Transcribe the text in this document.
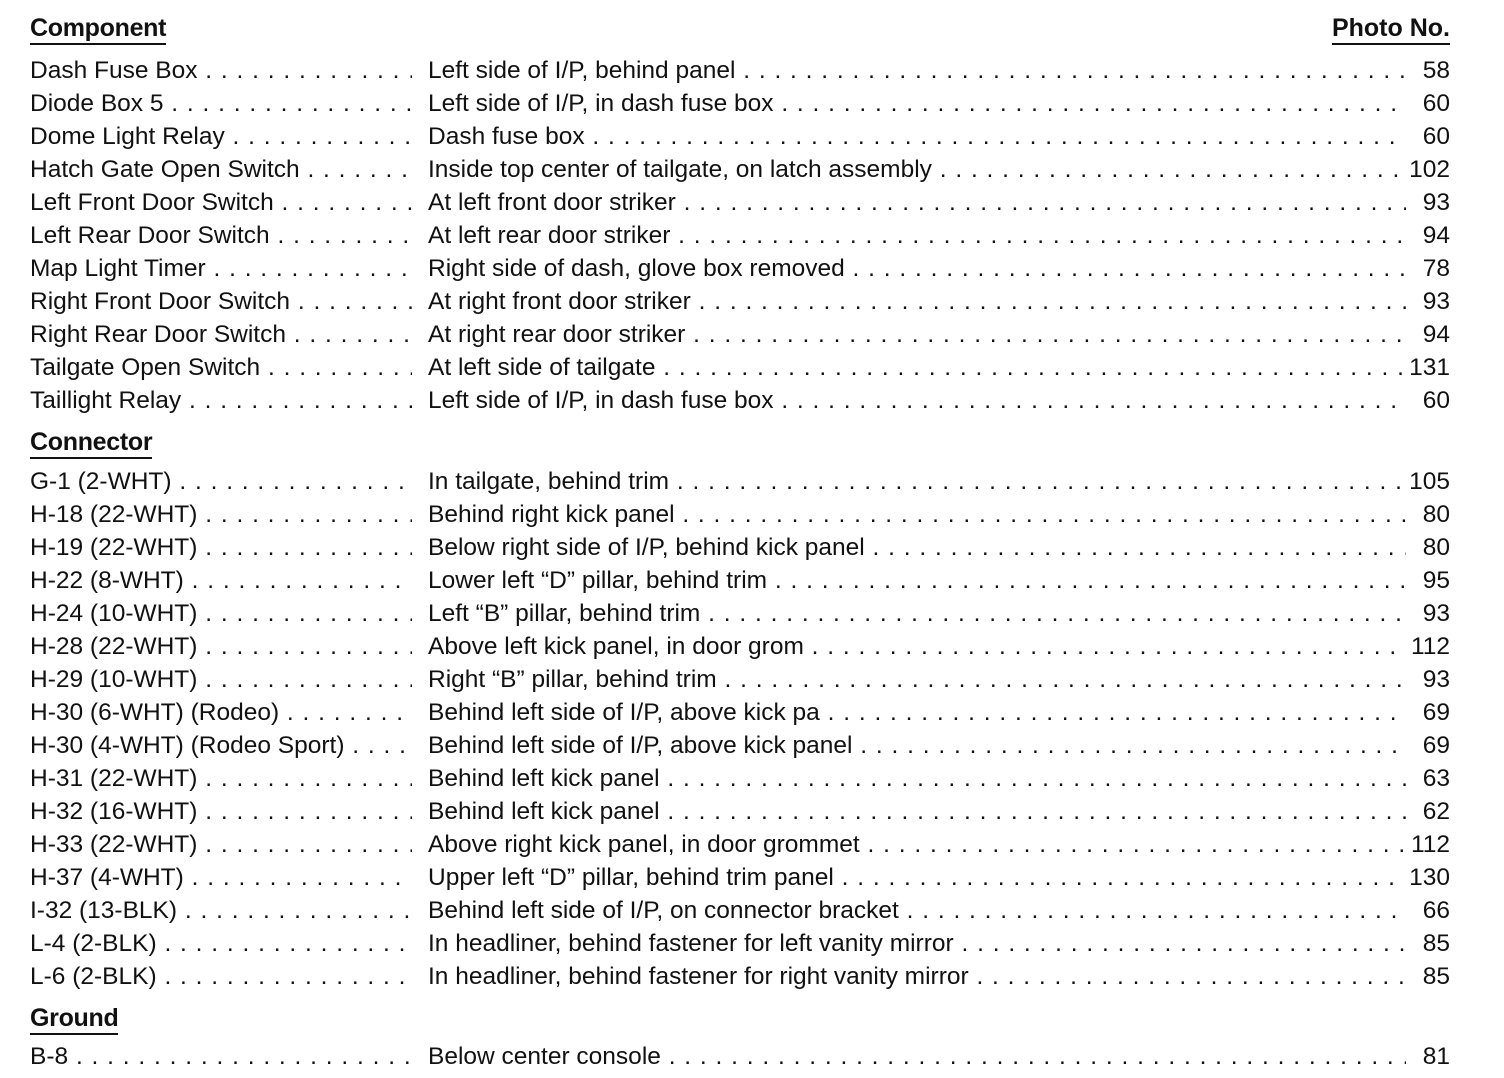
Component	Photo No.
Dash Fuse Box . . .	Left side of I/P, behind panel . . .	58
Diode Box 5 . . .	Left side of I/P, in dash fuse box . . .	60
Dome Light Relay . . .	Dash fuse box . . .	60
Hatch Gate Open Switch . . .	Inside top center of tailgate, on latch assembly . . .	102
Left Front Door Switch . . .	At left front door striker . . .	93
Left Rear Door Switch . . .	At left rear door striker . . .	94
Map Light Timer . . .	Right side of dash, glove box removed . . .	78
Right Front Door Switch . . .	At right front door striker . . .	93
Right Rear Door Switch . . .	At right rear door striker . . .	94
Tailgate Open Switch . . .	At left side of tailgate . . .	131
Taillight Relay . . .	Left side of I/P, in dash fuse box . . .	60
Connector
G-1 (2-WHT) . . .	In tailgate, behind trim . . .	105
H-18 (22-WHT) . . .	Behind right kick panel . . .	80
H-19 (22-WHT) . . .	Below right side of I/P, behind kick panel . . .	80
H-22 (8-WHT) . . .	Lower left “D” pillar, behind trim . . .	95
H-24 (10-WHT) . . .	Left “B” pillar, behind trim . . .	93
H-28 (22-WHT) . . .	Above left kick panel, in door grom . . .	112
H-29 (10-WHT) . . .	Right “B” pillar, behind trim . . .	93
H-30 (6-WHT) (Rodeo) . . .	Behind left side of I/P, above kick pa . . .	69
H-30 (4-WHT) (Rodeo Sport) . . .	Behind left side of I/P, above kick panel . . .	69
H-31 (22-WHT) . . .	Behind left kick panel . . .	63
H-32 (16-WHT) . . .	Behind left kick panel . . .	62
H-33 (22-WHT) . . .	Above right kick panel, in door grommet . . .	112
H-37 (4-WHT) . . .	Upper left “D” pillar, behind trim panel . . .	130
I-32 (13-BLK) . . .	Behind left side of I/P, on connector bracket . . .	66
L-4 (2-BLK) . . .	In headliner, behind fastener for left vanity mirror . . .	85
L-6 (2-BLK) . . .	In headliner, behind fastener for right vanity mirror . . .	85
Ground
B-8 . . .	Below center console . . .	81
